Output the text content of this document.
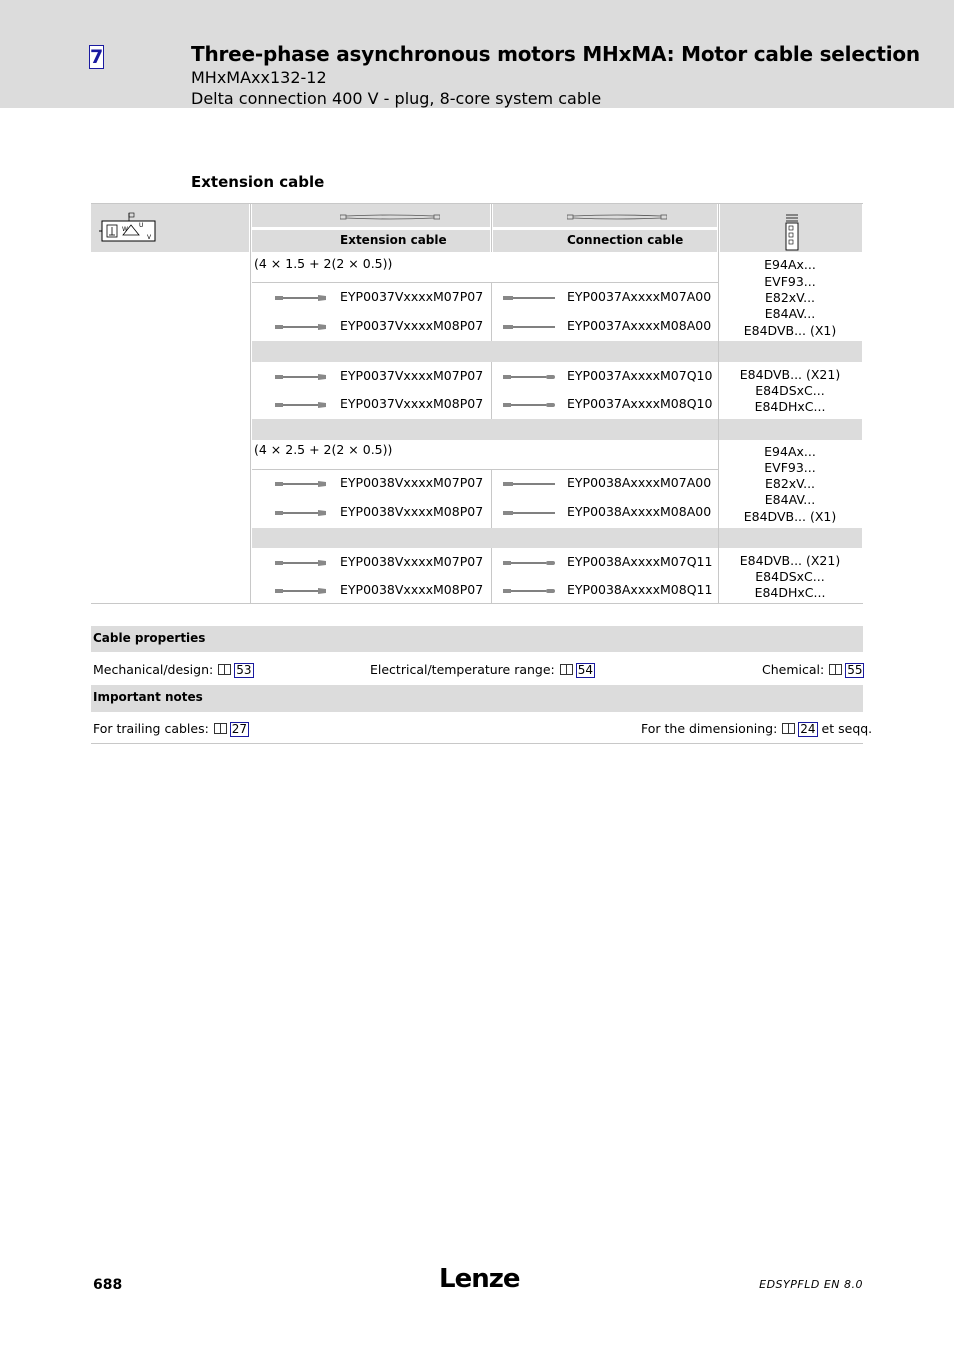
7	Three-phase asynchronous motors MHxMA: Motor cable selection
MHxMAxx132-12
Delta connection 400 V - plug, 8-core system cable
Extension cable
W
U
V	Extension cable	Connection cable
(4 × 1.5 + 2(2 × 0.5))
EYP0037VxxxxM07P07	EYP0037AxxxxM07A00
EYP0037VxxxxM08P07	EYP0037AxxxxM08A00
E94Ax...
EVF93...
E82xV...
E84AV...
E84DVB... (X1)
EYP0037VxxxxM07P07	EYP0037AxxxxM07Q10
EYP0037VxxxxM08P07	EYP0037AxxxxM08Q10
E84DVB... (X21)
E84DSxC...
E84DHxC...
(4 × 2.5 + 2(2 × 0.5))
EYP0038VxxxxM07P07	EYP0038AxxxxM07A00
EYP0038VxxxxM08P07	EYP0038AxxxxM08A00
E94Ax...
EVF93...
E82xV...
E84AV...
E84DVB... (X1)
EYP0038VxxxxM07P07	EYP0038AxxxxM07Q11
EYP0038VxxxxM08P07	EYP0038AxxxxM08Q11
E84DVB... (X21)
E84DSxC...
E84DHxC...
Cable properties
Mechanical/design: 53	Electrical/temperature range: 54	Chemical: 55
Important notes
For trailing cables: 27	For the dimensioning: 24 et seqq.
688	Lenze	EDSYPFLD EN 8.0
